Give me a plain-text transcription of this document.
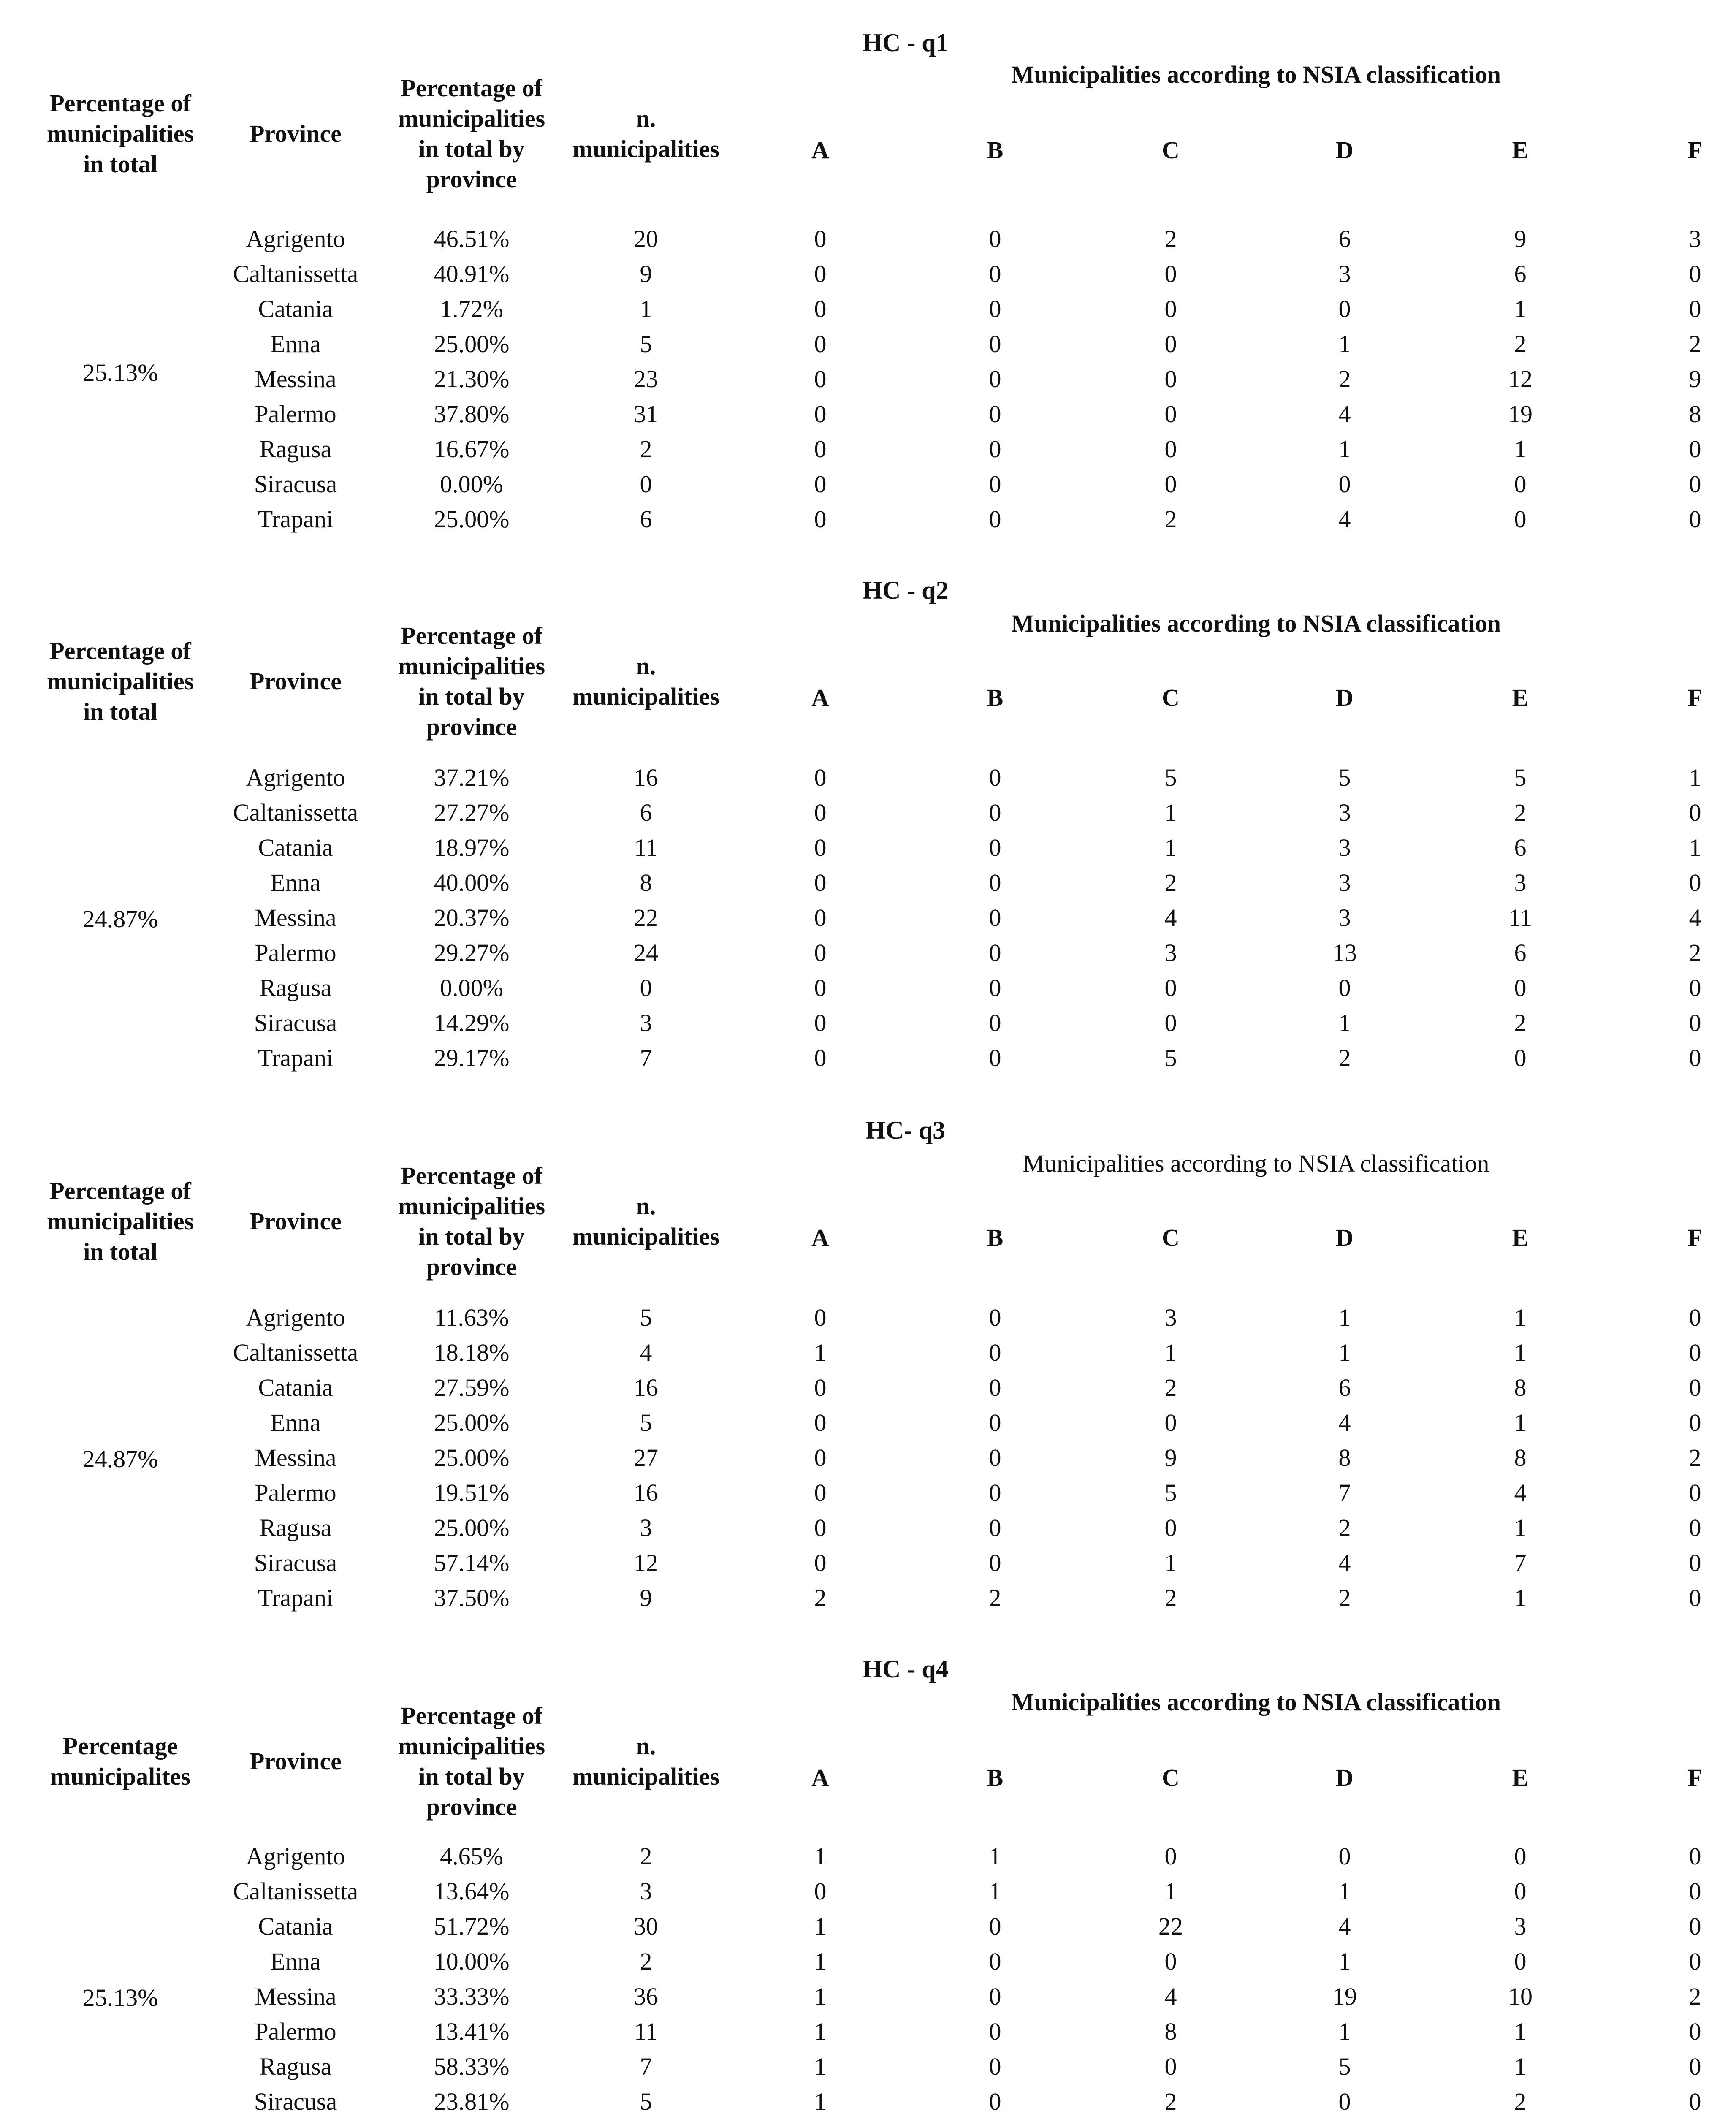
HC - q1
Municipalities according to NSIA classification
Percentage of
municipalities
in total
Province
Percentage of
municipalities
in total by
province
n.
municipalities	A	B	C	D	E	F
25.13%
Agrigento	46.51%	20	0	0	2	6	9	3
Caltanissetta	40.91%	9	0	0	0	3	6	0
Catania	1.72%	1	0	0	0	0	1	0
Enna	25.00%	5	0	0	0	1	2	2
Messina	21.30%	23	0	0	0	2	12	9
Palermo	37.80%	31	0	0	0	4	19	8
Ragusa	16.67%	2	0	0	0	1	1	0
Siracusa	0.00%	0	0	0	0	0	0	0
Trapani	25.00%	6	0	0	2	4	0	0
HC - q2
Municipalities according to NSIA classification
Percentage of
municipalities
in total
Province
Percentage of
municipalities
in total by
province
n.
municipalities	A	B	C	D	E	F
24.87%
Agrigento	37.21%	16	0	0	5	5	5	1
Caltanissetta	27.27%	6	0	0	1	3	2	0
Catania	18.97%	11	0	0	1	3	6	1
Enna	40.00%	8	0	0	2	3	3	0
Messina	20.37%	22	0	0	4	3	11	4
Palermo	29.27%	24	0	0	3	13	6	2
Ragusa	0.00%	0	0	0	0	0	0	0
Siracusa	14.29%	3	0	0	0	1	2	0
Trapani	29.17%	7	0	0	5	2	0	0
HC- q3
Municipalities according to NSIA classification
Percentage of
municipalities
in total
Province
Percentage of
municipalities
in total by
province
n.
municipalities	A	B	C	D	E	F
24.87%
Agrigento	11.63%	5	0	0	3	1	1	0
Caltanissetta	18.18%	4	1	0	1	1	1	0
Catania	27.59%	16	0	0	2	6	8	0
Enna	25.00%	5	0	0	0	4	1	0
Messina	25.00%	27	0	0	9	8	8	2
Palermo	19.51%	16	0	0	5	7	4	0
Ragusa	25.00%	3	0	0	0	2	1	0
Siracusa	57.14%	12	0	0	1	4	7	0
Trapani	37.50%	9	2	2	2	2	1	0
HC - q4
Municipalities according to NSIA classification
Percentage
municipalites
Province
Percentage of
municipalities
in total by
province
n.
municipalities	A	B	C	D	E	F
25.13%
Agrigento	4.65%	2	1	1	0	0	0	0
Caltanissetta	13.64%	3	0	1	1	1	0	0
Catania	51.72%	30	1	0	22	4	3	0
Enna	10.00%	2	1	0	0	1	0	0
Messina	33.33%	36	1	0	4	19	10	2
Palermo	13.41%	11	1	0	8	1	1	0
Ragusa	58.33%	7	1	0	0	5	1	0
Siracusa	23.81%	5	1	0	2	0	2	0
